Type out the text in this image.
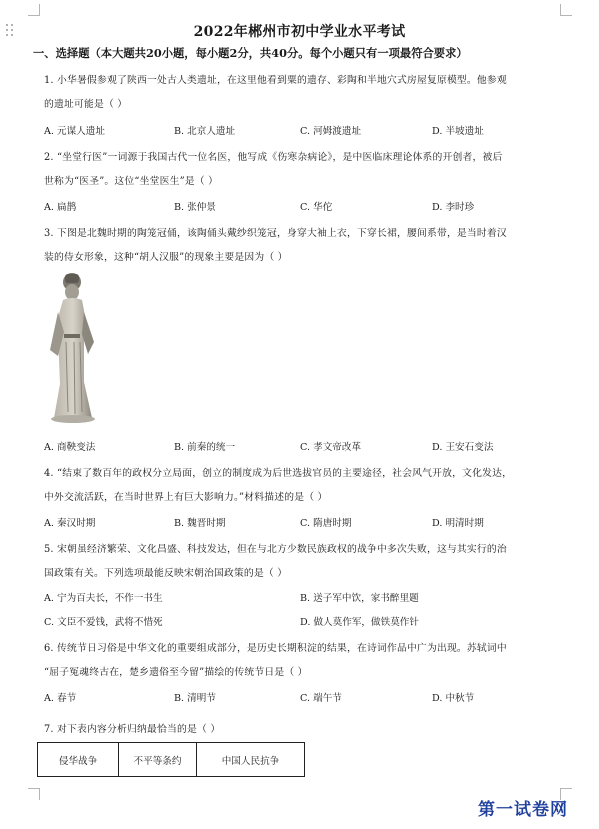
2022年郴州市初中学业水平考试
一、选择题（本大题共20小题，每小题2分，共40分。每个小题只有一项最符合要求）
1. 小华暑假参观了陕西一处古人类遗址，在这里他看到粟的遗存、彩陶和半地穴式房屋复原模型。他参观
的遗址可能是（ ）
A. 元谋人遗址	B. 北京人遗址	C. 河姆渡遗址	D. 半坡遗址
2. “坐堂行医”一词源于我国古代一位名医，他写成《伤寒杂病论》，是中医临床理论体系的开创者，被后
世称为“医圣”。这位“坐堂医生”是（ ）
A. 扁鹊	B. 张仲景	C. 华佗	D. 李时珍
3. 下图是北魏时期的陶笼冠俑，该陶俑头戴纱织笼冠，身穿大袖上衣，下穿长裙，腰间系带，是当时着汉
装的侍女形象，这种“胡人汉服”的现象主要是因为（ ）
A. 商鞅变法	B. 前秦的统一	C. 孝文帝改革	D. 王安石变法
4. “结束了数百年的政权分立局面，创立的制度成为后世选拔官员的主要途径，社会风气开放，文化发达，
中外交流活跃，在当时世界上有巨大影响力。”材料描述的是（ ）
A. 秦汉时期	B. 魏晋时期	C. 隋唐时期	D. 明清时期
5. 宋朝虽经济繁荣、文化昌盛、科技发达，但在与北方少数民族政权的战争中多次失败，这与其实行的治
国政策有关。下列选项最能反映宋朝治国政策的是（ ）
A. 宁为百夫长，不作一书生	B. 送子军中饮，家书醉里题
C. 文臣不爱钱，武将不惜死	D. 做人莫作军，做铁莫作针
6. 传统节日习俗是中华文化的重要组成部分，是历史长期积淀的结果，在诗词作品中广为出现。苏轼词中
“屈子冤魂终古在，楚乡遗俗至今留”描绘的传统节日是（ ）
A. 春节	B. 清明节	C. 端午节	D. 中秋节
7. 对下表内容分析归纳最恰当的是（ ）
侵华战争	不平等条约	中国人民抗争
第一试卷网
